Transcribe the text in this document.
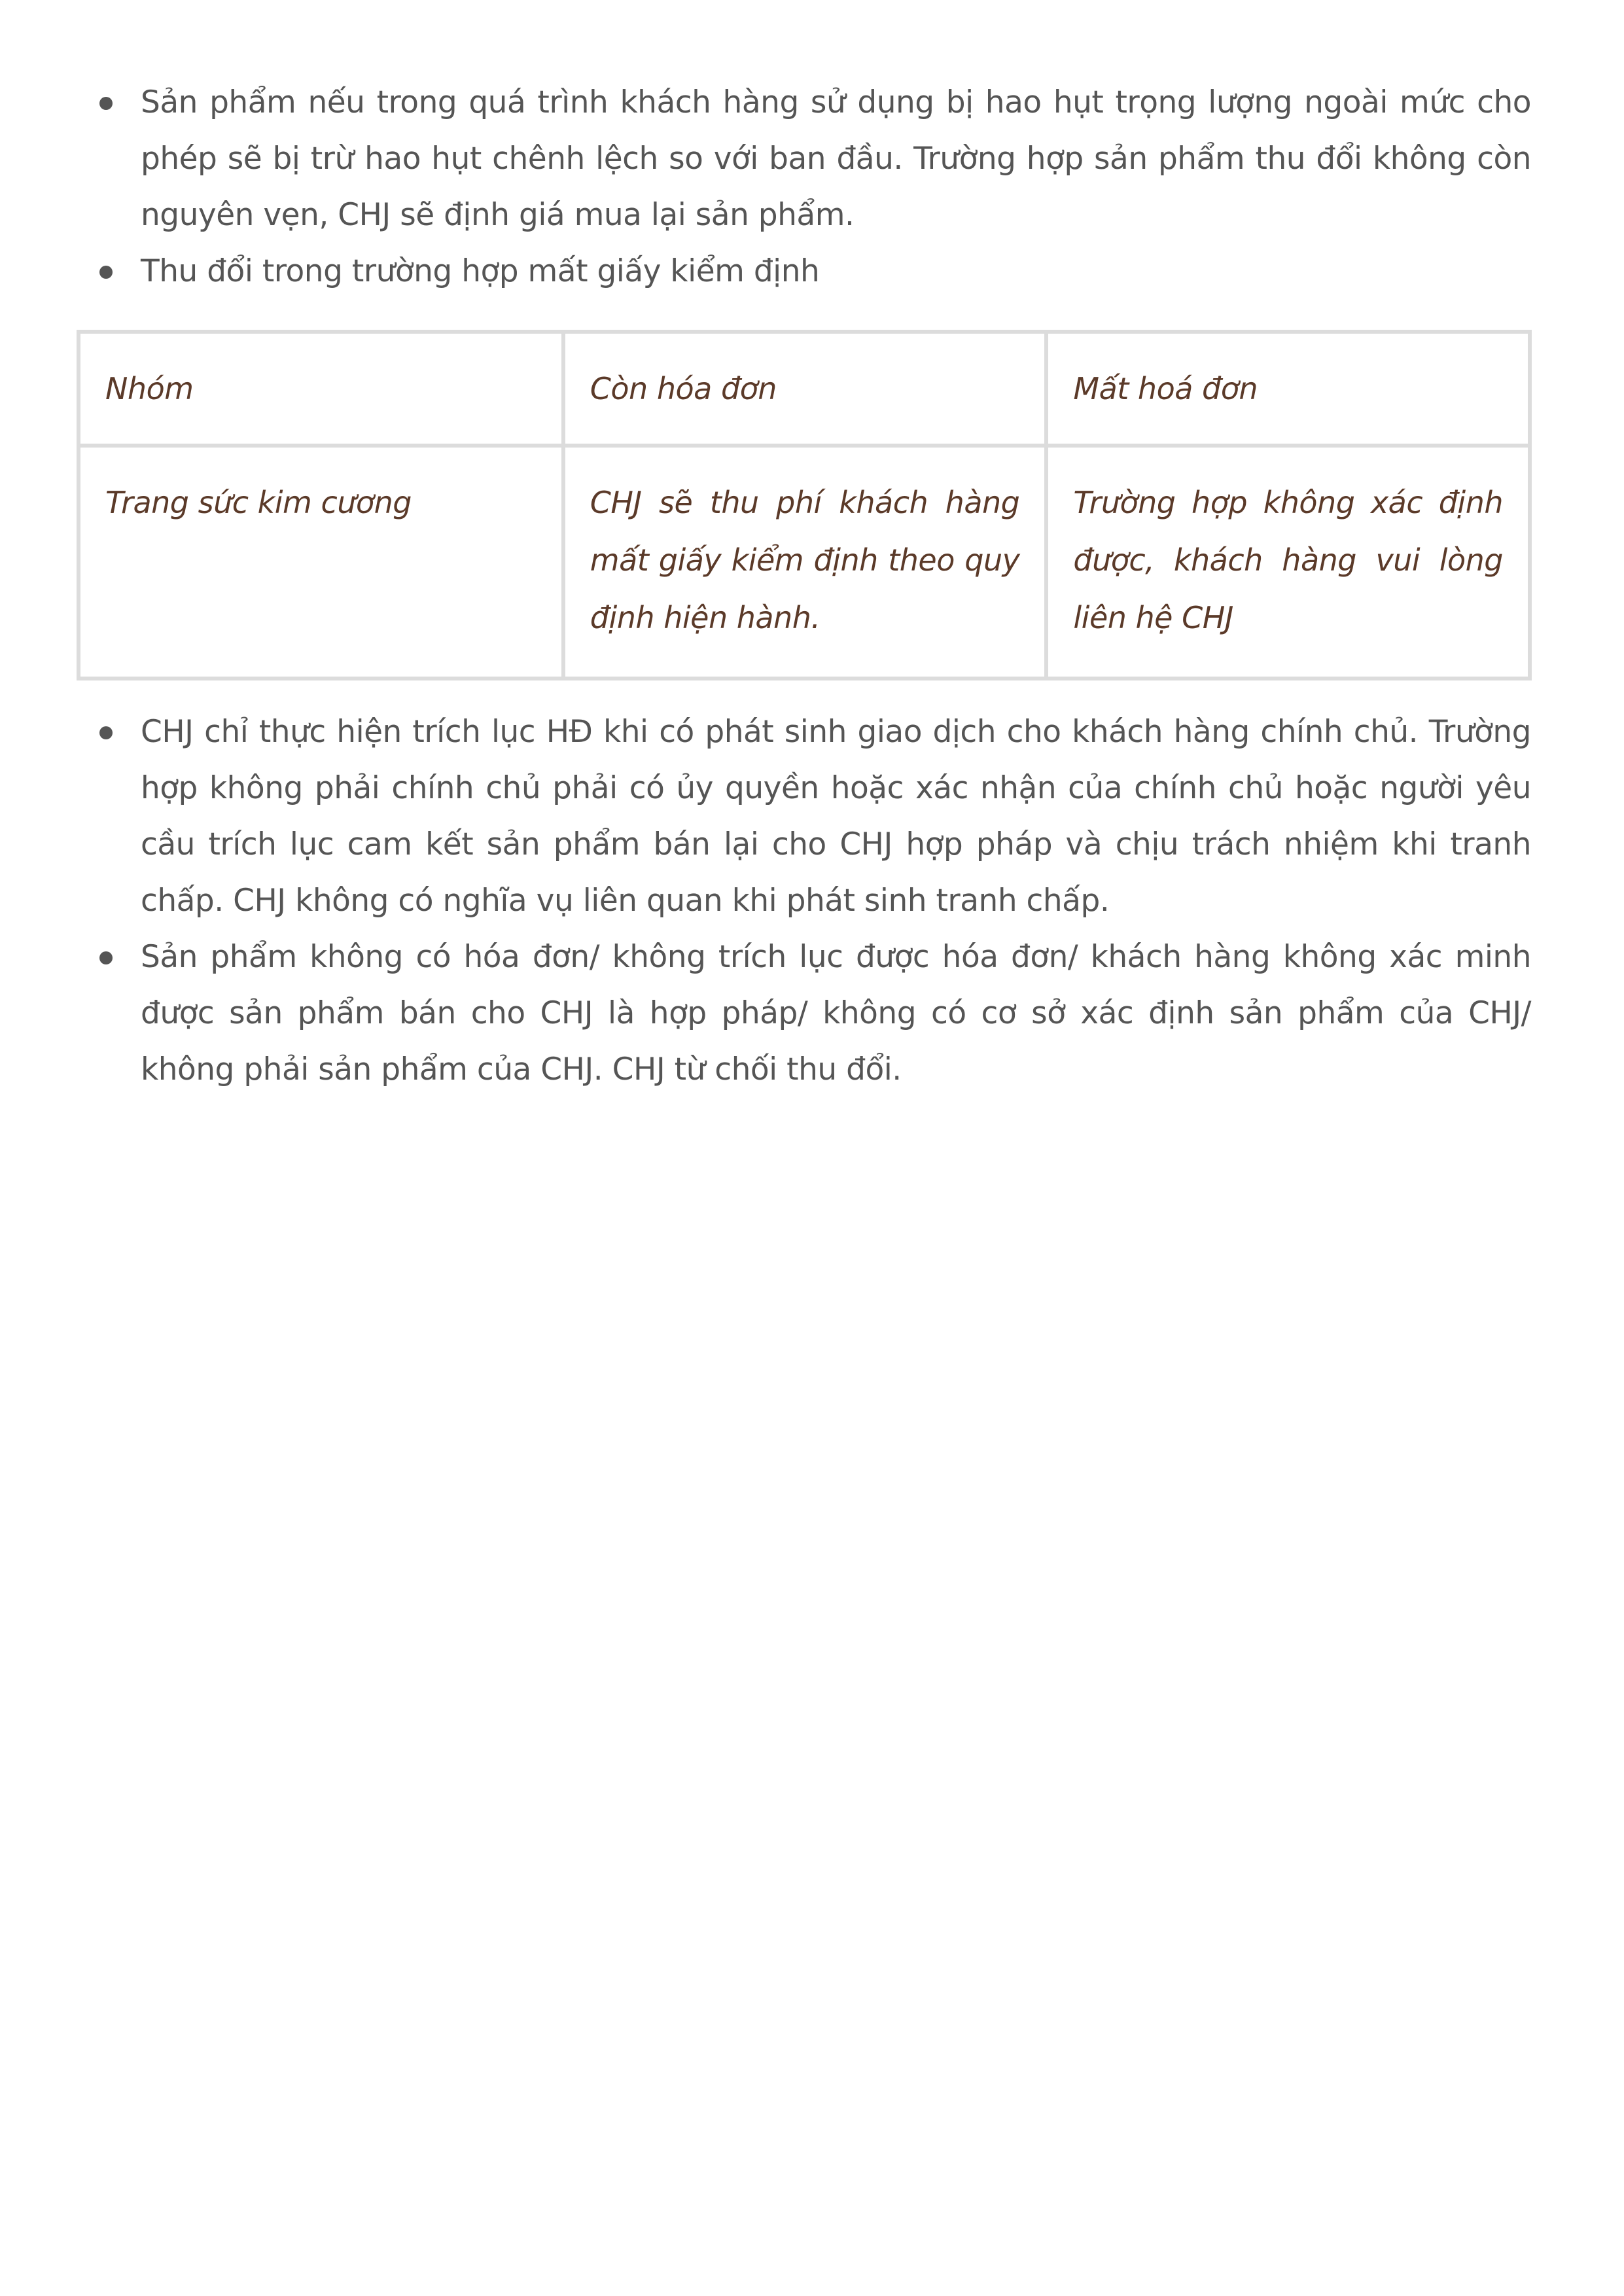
Sản phẩm nếu trong quá trình khách hàng sử dụng bị hao hụt trọng lượng ngoài mức cho phép sẽ bị trừ hao hụt chênh lệch so với ban đầu. Trường hợp sản phẩm thu đổi không còn nguyên vẹn, CHJ sẽ định giá mua lại sản phẩm.
Thu đổi trong trường hợp mất giấy kiểm định
Nhóm	Còn hóa đơn	Mất hoá đơn
Trang sức kim cương	CHJ sẽ thu phí khách hàng mất giấy kiểm định theo quy định hiện hành.	Trường hợp không xác định được, khách hàng vui lòng liên hệ CHJ
CHJ chỉ thực hiện trích lục HĐ khi có phát sinh giao dịch cho khách hàng chính chủ. Trường hợp không phải chính chủ phải có ủy quyền hoặc xác nhận của chính chủ hoặc người yêu cầu trích lục cam kết sản phẩm bán lại cho CHJ hợp pháp và chịu trách nhiệm khi tranh chấp. CHJ không có nghĩa vụ liên quan khi phát sinh tranh chấp.
Sản phẩm không có hóa đơn/ không trích lục được hóa đơn/ khách hàng không xác minh được sản phẩm bán cho CHJ là hợp pháp/ không có cơ sở xác định sản phẩm của CHJ/ không phải sản phẩm của CHJ. CHJ từ chối thu đổi.
